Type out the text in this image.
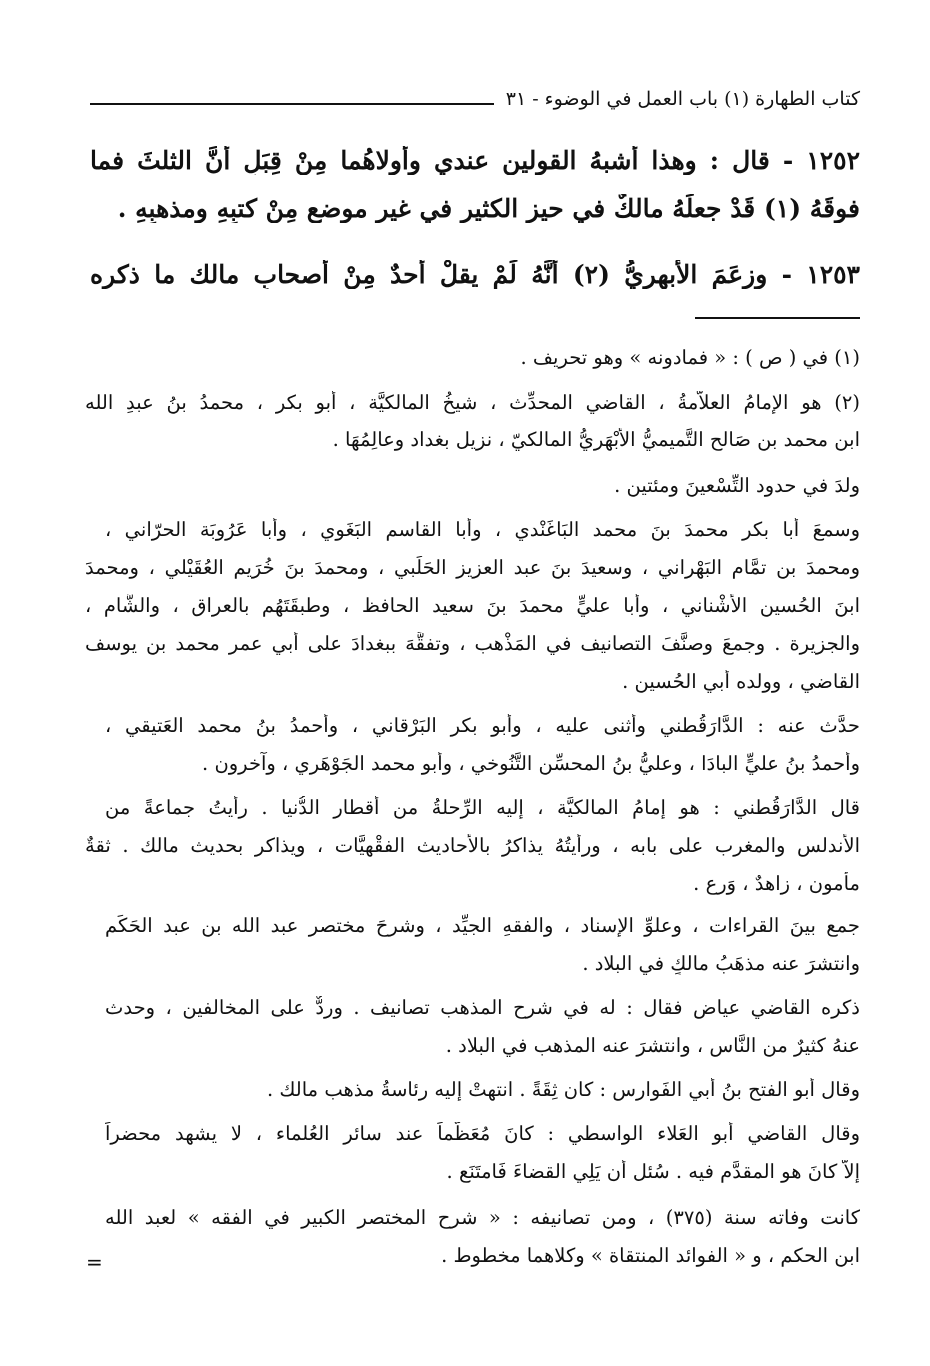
كتاب الطهارة (١) باب العمل في الوضوء - ٣١
١٢٥٢ - قال : وهذا أشبهُ القولين عندي وأولاهُما مِنْ قِبَلِ أَنَّ الثلثَ فما
فوقَهُ (١) قَدْ جعلَهُ مالكٌ في حيزِ الكثيرِ في غيرِ موضعٍ مِنْ كتبِهِ ومذهبِهِ .
١٢٥٣ - وزعَمَ الأبهريُّ (٢) أنَّهُ لَمْ يقلْ أحدٌ مِنْ أصحابِ مالك ما ذكره
(١) في ( ص ) : « فمادونه » وهو تحريف .
(٢) هو الإمامُ العلاّمةُ ، القاضي المحدِّث ، شيخُ المالكيَّة ، أبو بكر ، محمدُ بنُ عبدِ الله
ابن محمد بن صَالح التَّميميُّ الأَبْهَرِيُّ المالكيّ ، نزيل بغداد وعالِمُهَا .
ولدَ في حدود التِّسْعينَ ومئتين .
وسمعَ أبا بكرٍ محمدَ بنَ محمد البَاغَنْدي ، وأبا القاسم البَغَوي ، وأبا عَرُوبَة الحرّاني ،
ومحمدَ بن تمَّام البَهْراني ، وسعيدَ بنَ عبد العزيز الحَلَبي ، ومحمدَ بنَ خُرَيم العُقَيْلي ، ومحمدَ
ابنَ الحُسين الأُشْناني ، وأبا عليٍّ محمدَ بنَ سعيد الحافظ ، وطبقَتَهُم بالعراق ، والشَّام ،
والجزيرة . وجمعَ وصنَّفَ التصانيف في المَذْهب ، وتفقَّهَ ببغدادَ على أبي عمر محمد بن يوسف
القاضي ، وولده أبي الحُسين .
حدَّث عنه : الدَّارَقُطني وأثنى عليه ، وأبو بكر البَرْقاني ، وأحمدُ بنُ محمد العَتيقي ،
وأحمدُ بنُ عليٍّ البادَا ، وعليُّ بنُ المحسِّن التَّنُوخي ، وأبو محمد الجَوْهَري ، وآخرون .
قال الدَّارَقُطني : هو إمامُ المالكيَّة ، إليه الرِّحلةُ من أقطار الدُّنيا . رأيتُ جماعةً من
الأندلس والمغرب على بابه ، ورأيتُهُ يذاكرُ بالأحاديث الفقْهيَّات ، ويذاكر بحديث مالك . ثقةٌ
مأمون ، زاهدٌ ، وَرِع .
جمع بينَ القراءات ، وعلوِّ الإسناد ، والفقهِ الجيِّد ، وشرحَ مختصر عبد الله بن عبد الحَكَم
وانتشرَ عنه مذهَبُ مالكٍ في البلاد .
ذكره القاضي عياض فقال : له في شرح المذهب تصانيف . وردٌّ على المخالفين ، وحدث
عنهُ كثيرٌ من النَّاس ، وانتشرَ عنه المذهب في البلاد .
وقال أبو الفتح بنُ أبي الفَوارس : كان ثِقَةً . انتهتْ إليه رئاسةُ مذهب مالك .
وقال القاضي أبو العَلاء الواسطي : كانَ مُعَظَّماً عند سائر العُلماء ، لا يشهد محضراً
إلاَّ كانَ هو المقدَّم فيه . سُئل أن يَلِي القضاءَ فَامتَنَع .
كانت وفاته سنة (٣٧٥) ، ومن تصانيفه : « شرح المختصر الكبير في الفقه » لعبد الله
ابن الحكم ، و « الفوائد المنتقاة » وكلاهما مخطوط .
=
